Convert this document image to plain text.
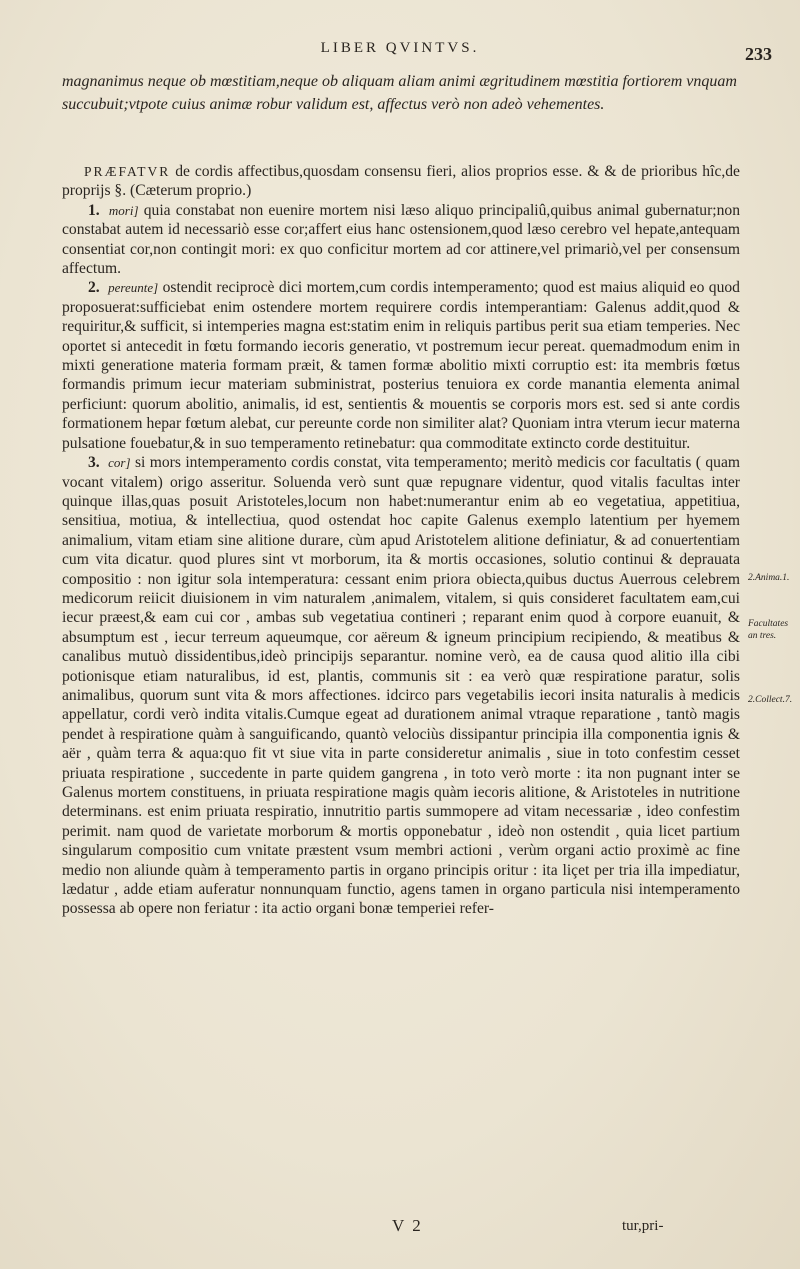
LIBER QVINTVS.	233
magnanimus neque ob mœstitiam,neque ob aliquam aliam animi ægritudinem mœstitia fortiorem vnquam succubuit;vtpote cuius animæ robur validum est, affectus verò non adeò vehementes.

PRÆFATVR de cordis affectibus,quosdam consensu fieri, alios proprios esse. & & de prioribus hîc,de proprijs §. (Cæterum proprio.)

1. mori] quia constabat non euenire mortem nisi læso aliquo principaliû,quibus animal gubernatur;non constabat autem id necessariò esse cor;affert eius hanc ostensionem,quod læso cerebro vel hepate,antequam consentiat cor,non contingit mori: ex quo conficitur mortem ad cor attinere,vel primariò,vel per consensum affectum.

2. pereunte] ostendit reciprocè dici mortem,cum cordis intemperamento; quod est maius aliquid eo quod proposuerat:sufficiebat enim ostendere mortem requirere cordis intemperantiam: Galenus addit,quod & requiritur,& sufficit, si intemperies magna est:statim enim in reliquis partibus perit sua etiam temperies. Nec oportet si antecedit in fœtu formando iecoris generatio, vt postremum iecur pereat. quemadmodum enim in mixti generatione materia formam præit, & tamen formæ abolitio mixti corruptio est: ita membris fœtus formandis primum iecur materiam subministrat, posterius tenuiora ex corde manantia elementa animal perficiunt: quorum abolitio, animalis, id est, sentientis & mouentis se corporis mors est. sed si ante cordis formationem hepar fœtum alebat, cur pereunte corde non similiter alat? Quoniam intra vterum iecur materna pulsatione fouebatur,& in suo temperamento retinebatur: qua commoditate extincto corde destituitur.

3. cor] si mors intemperamento cordis constat, vita temperamento; meritò medicis cor facultatis ( quam vocant vitalem) origo asseritur. Soluenda verò sunt quæ repugnare videntur, quod vitalis facultas inter quinque illas,quas posuit Aristoteles,locum non habet:numerantur enim ab eo vegetatiua, appetitiua, sensitiua, motiua, & intellectiua, quod ostendat hoc capite Galenus exemplo latentium per hyemem animalium, vitam etiam sine alitione durare, cùm apud Aristotelem alitione definiatur, & ad conuertentiam cum vita dicatur. quod plures sint vt morborum, ita & mortis occasiones, solutio continui & deprauata compositio : non igitur sola intemperatura: cessant enim priora obiecta,quibus ductus Auerrous celebrem medicorum reiicit diuisionem in vim naturalem ,animalem, vitalem, si quis consideret facultatem eam,cui iecur præest,& eam cui cor , ambas sub vegetatiua contineri ; reparant enim quod à corpore euanuit, & absumptum est , iecur terreum aqueumque, cor aëreum & igneum principium recipiendo, & meatibus & canalibus mutuò dissidentibus,ideò principijs separantur. nomine verò, ea de causa quod alitio illa cibi potionisque etiam naturalibus, id est, plantis, communis sit : ea verò quæ respiratione paratur, solis animalibus, quorum sunt vita & mors affectiones. idcirco pars vegetabilis iecori insita naturalis à medicis appellatur, cordi verò indita vitalis.Cumque egeat ad durationem animal vtraque reparatione , tantò magis pendet à respiratione quàm à sanguificando, quantò velociùs dissipantur principia illa componentia ignis & aër , quàm terra & aqua:quo fit vt siue vita in parte consideretur animalis , siue in toto confestim cesset priuata respiratione , succedente in parte quidem gangrena , in toto verò morte : ita non pugnant inter se Galenus mortem constituens, in priuata respiratione magis quàm iecoris alitione, & Aristoteles in nutritione determinans. est enim priuata respiratio, innutritio partis summopere ad vitam necessariæ , ideo confestim perimit. nam quod de varietate morborum & mortis opponebatur , ideò non ostendit , quia licet partium singularum compositio cum vnitate præstent vsum membri actioni , verùm organi actio proximè ac fine medio non aliunde quàm à temperamento partis in organo principis oritur : ita liçet per tria illa impediatur, lædatur , adde etiam auferatur nonnunquam functio, agens tamen in organo particula nisi intemperamento possessa ab opere non feriatur : ita actio organi bonæ temperiei refer-

2.Anima.1.
Facultates an tres.
2.Collect.7.
V 2	tur,pri-
